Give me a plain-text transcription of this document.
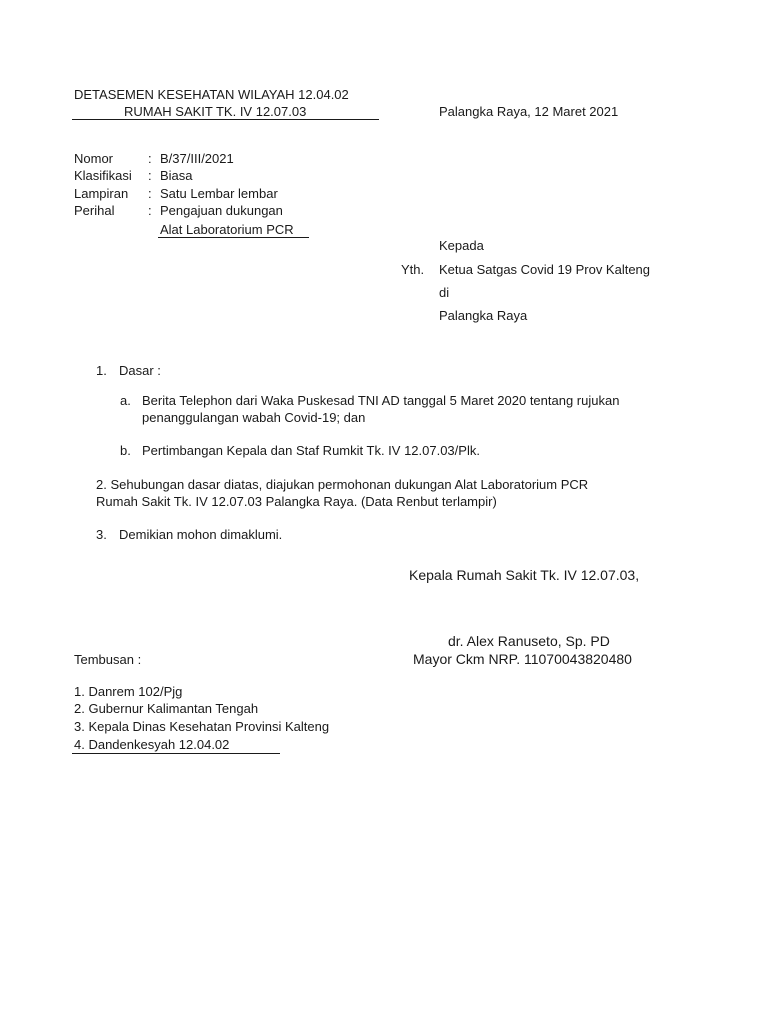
DETASEMEN KESEHATAN WILAYAH 12.04.02
RUMAH SAKIT TK. IV 12.07.03	Palangka Raya, 12 Maret 2021
Nomor	: B/37/III/2021
Klasifikasi : Biasa
Lampiran : Satu Lembar lembar
Perihal	: Pengajuan dukungan
Alat Laboratorium PCR
Kepada
Yth. Ketua Satgas Covid 19 Prov Kalteng
di
Palangka Raya
1. Dasar :
a. Berita Telephon dari Waka Puskesad TNI AD tanggal 5 Maret 2020 tentang rujukan
penanggulangan wabah Covid-19; dan
b. Pertimbangan Kepala dan Staf Rumkit Tk. IV 12.07.03/Plk.
2. Sehubungan dasar diatas, diajukan permohonan dukungan Alat Laboratorium PCR
Rumah Sakit Tk. IV 12.07.03 Palangka Raya. (Data Renbut terlampir)
3. Demikian mohon dimaklumi.
Kepala Rumah Sakit Tk. IV 12.07.03,
dr. Alex Ranuseto, Sp. PD
Mayor Ckm NRP. 11070043820480
Tembusan :
1. Danrem 102/Pjg
2. Gubernur Kalimantan Tengah
3. Kepala Dinas Kesehatan Provinsi Kalteng
4. Dandenkesyah 12.04.02
